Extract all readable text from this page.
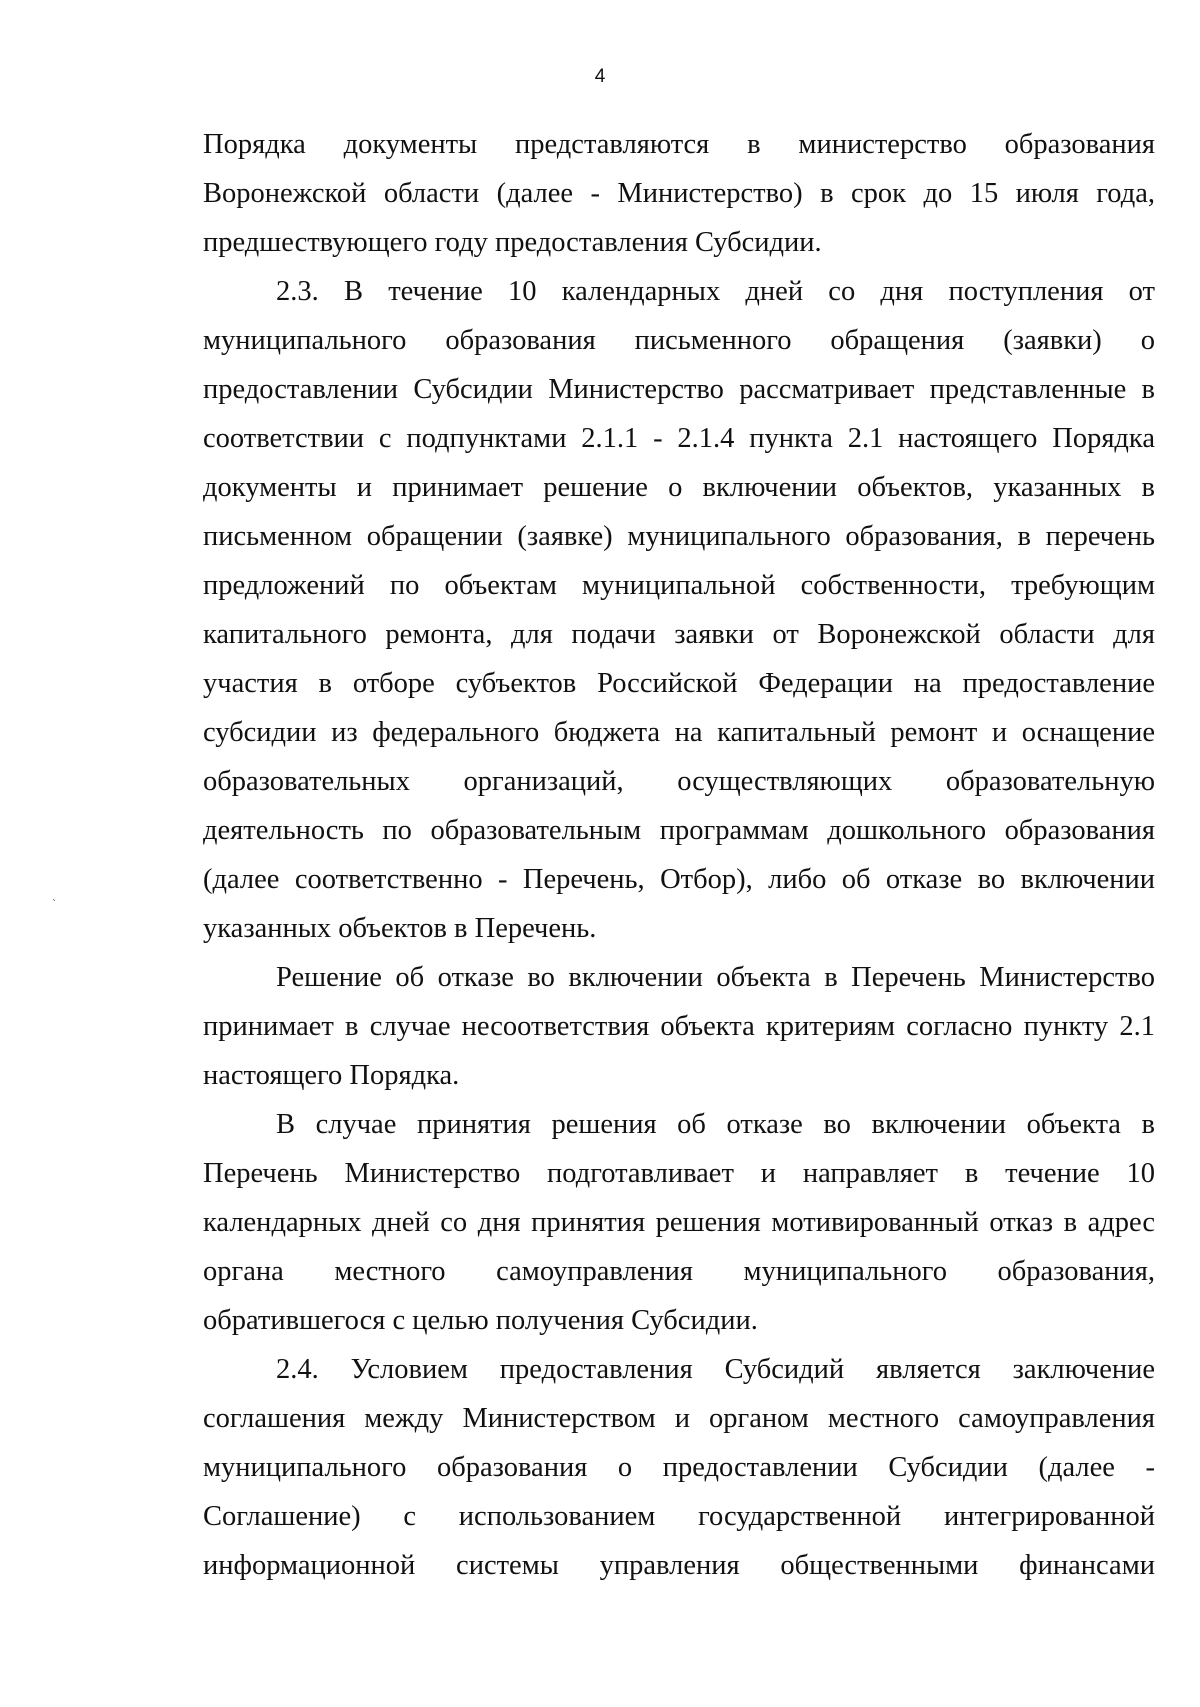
4
ˋ
Порядка документы представляются в министерство образования
Воронежской области (далее - Министерство) в срок до 15 июля года,
предшествующего году предоставления Субсидии.
2.3. В течение 10 календарных дней со дня поступления от
муниципального образования письменного обращения (заявки) о
предоставлении Субсидии Министерство рассматривает представленные в
соответствии с подпунктами 2.1.1 - 2.1.4 пункта 2.1 настоящего Порядка
документы и принимает решение о включении объектов, указанных в
письменном обращении (заявке) муниципального образования, в перечень
предложений по объектам муниципальной собственности, требующим
капитального ремонта, для подачи заявки от Воронежской области для
участия в отборе субъектов Российской Федерации на предоставление
субсидии из федерального бюджета на капитальный ремонт и оснащение
образовательных организаций, осуществляющих образовательную
деятельность по образовательным программам дошкольного образования
(далее соответственно - Перечень, Отбор), либо об отказе во включении
указанных объектов в Перечень.
Решение об отказе во включении объекта в Перечень Министерство
принимает в случае несоответствия объекта критериям согласно пункту 2.1
настоящего Порядка.
В случае принятия решения об отказе во включении объекта в
Перечень Министерство подготавливает и направляет в течение 10
календарных дней со дня принятия решения мотивированный отказ в адрес
органа местного самоуправления муниципального образования,
обратившегося с целью получения Субсидии.
2.4. Условием предоставления Субсидий является заключение
соглашения между Министерством и органом местного самоуправления
муниципального образования о предоставлении Субсидии (далее -
Соглашение) с использованием государственной интегрированной
информационной системы управления общественными финансами
